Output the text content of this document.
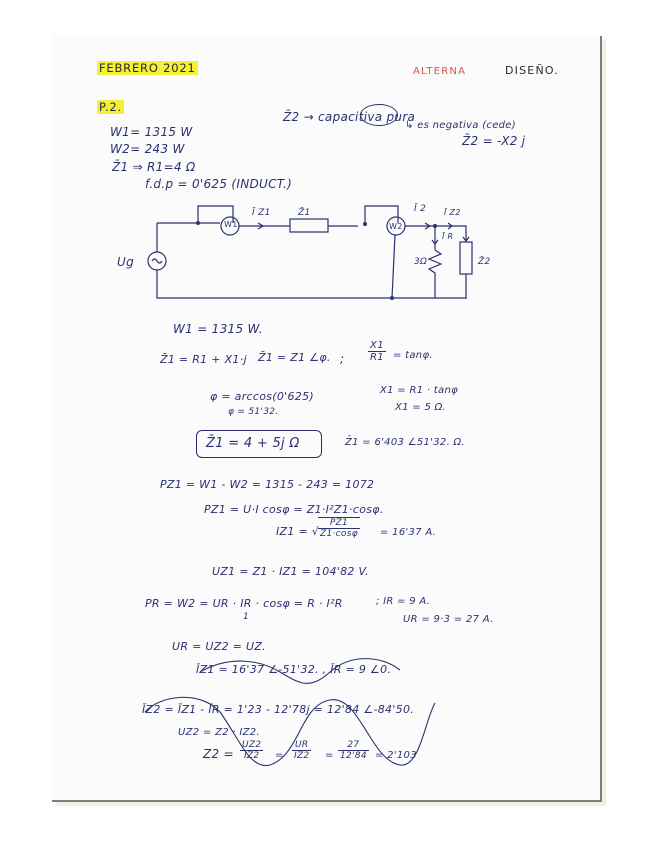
FEBRERO 2021	ALTERNA	DISEÑO.
P.2.
W1= 1315 W
W2= 243 W
Z̄1 ⇒ R1=4 Ω
f.d.p = 0'625 (INDUCT.)
Z̄2 → capacitiva pura
↳ es negativa (cede)
Z̄2 = -X2 j
Ug
W1	W2
Ī Z1	Z̄1	Ī 2 Ī Z2
Ī R
3Ω	Z̄2
W1 = 1315 W.
Z̄1 = R1 + X1·j Z̄1 = Z1 ∠φ. ; $\frac{X1}{R1} = \tan\varphi$.
φ = arccos(0'625)	X1 = R1 · tanφ
φ = 51'32.	X1 = 5 Ω.
Z̄1 = 4 + 5j Ω	Z̄1 = 6'403 ∠51'32. Ω.
PZ1 = W1 - W2 = 1315 - 243 = 1072
PZ1 = U·I cosφ = Z1·I²Z1·cosφ.
IZ1 = √
$\frac{PZ1}{Z1\cdot\cos\varphi} = 16'37$ A.
UZ1 = Z1 · IZ1 = 104'82 V.
PR = W2 = UR · IR · cosφ = R · I²R
1
; IR = 9 A.
UR = 9·3 = 27 A.
UR = UZ2 = UZ.
ĪZ1 = 16'37 ∠-51'32. , ĪR = 9 ∠0.
ĪZ2 = ĪZ1 - ĪR = 1'23 - 12'78j = 12'84 ∠-84'50.
UZ2 = Z2 · IZ2.
$Z2 = \frac{UZ2}{IZ2} = \frac{UR}{IZ2} = \frac{27}{12'84} = 2'103$
